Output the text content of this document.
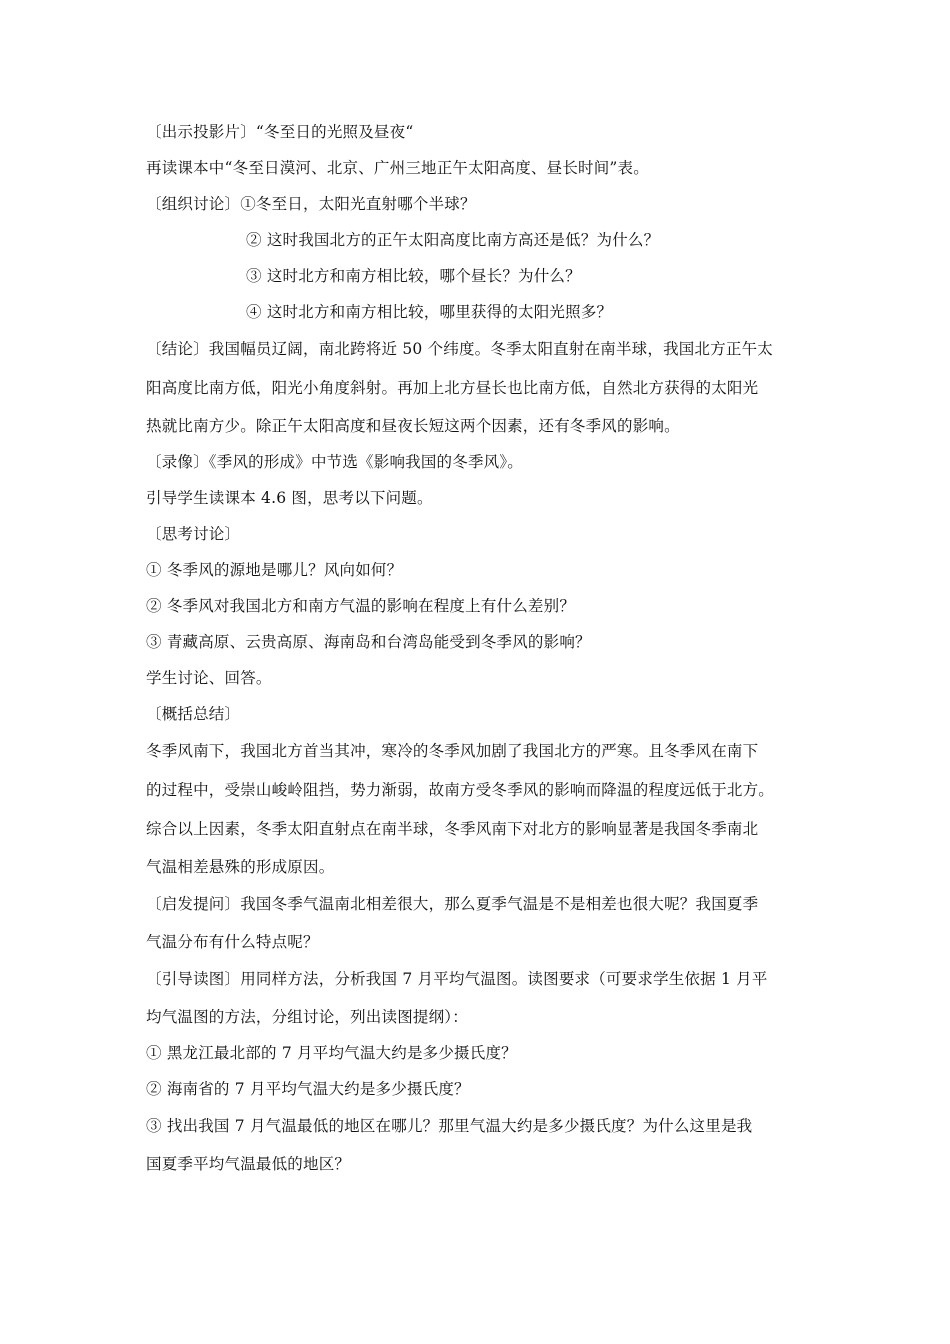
〔出示投影片〕“冬至日的光照及昼夜“
再读课本中“冬至日漠河、北京、广州三地正午太阳高度、昼长时间”表。
〔组织讨论〕①冬至日，太阳光直射哪个半球？
② 这时我国北方的正午太阳高度比南方高还是低？为什么？
③ 这时北方和南方相比较，哪个昼长？为什么？
④ 这时北方和南方相比较，哪里获得的太阳光照多？
〔结论〕我国幅员辽阔，南北跨将近 50 个纬度。冬季太阳直射在南半球，我国北方正午太
阳高度比南方低，阳光小角度斜射。再加上北方昼长也比南方低，自然北方获得的太阳光
热就比南方少。除正午太阳高度和昼夜长短这两个因素，还有冬季风的影响。
〔录像〕《季风的形成》中节选《影响我国的冬季风》。
引导学生读课本 4.6 图，思考以下问题。
〔思考讨论〕
① 冬季风的源地是哪儿？风向如何？
② 冬季风对我国北方和南方气温的影响在程度上有什么差别？
③ 青藏高原、云贵高原、海南岛和台湾岛能受到冬季风的影响？
学生讨论、回答。
〔概括总结〕
冬季风南下，我国北方首当其冲，寒冷的冬季风加剧了我国北方的严寒。且冬季风在南下
的过程中，受崇山峻岭阻挡，势力渐弱，故南方受冬季风的影响而降温的程度远低于北方。
综合以上因素，冬季太阳直射点在南半球，冬季风南下对北方的影响显著是我国冬季南北
气温相差悬殊的形成原因。
〔启发提问〕我国冬季气温南北相差很大，那么夏季气温是不是相差也很大呢？我国夏季
气温分布有什么特点呢？
〔引导读图〕用同样方法，分析我国 7 月平均气温图。读图要求（可要求学生依据 1 月平
均气温图的方法，分组讨论，列出读图提纲）：
① 黑龙江最北部的 7 月平均气温大约是多少摄氏度？
② 海南省的 7 月平均气温大约是多少摄氏度？
③ 找出我国 7 月气温最低的地区在哪儿？那里气温大约是多少摄氏度？为什么这里是我
国夏季平均气温最低的地区？
